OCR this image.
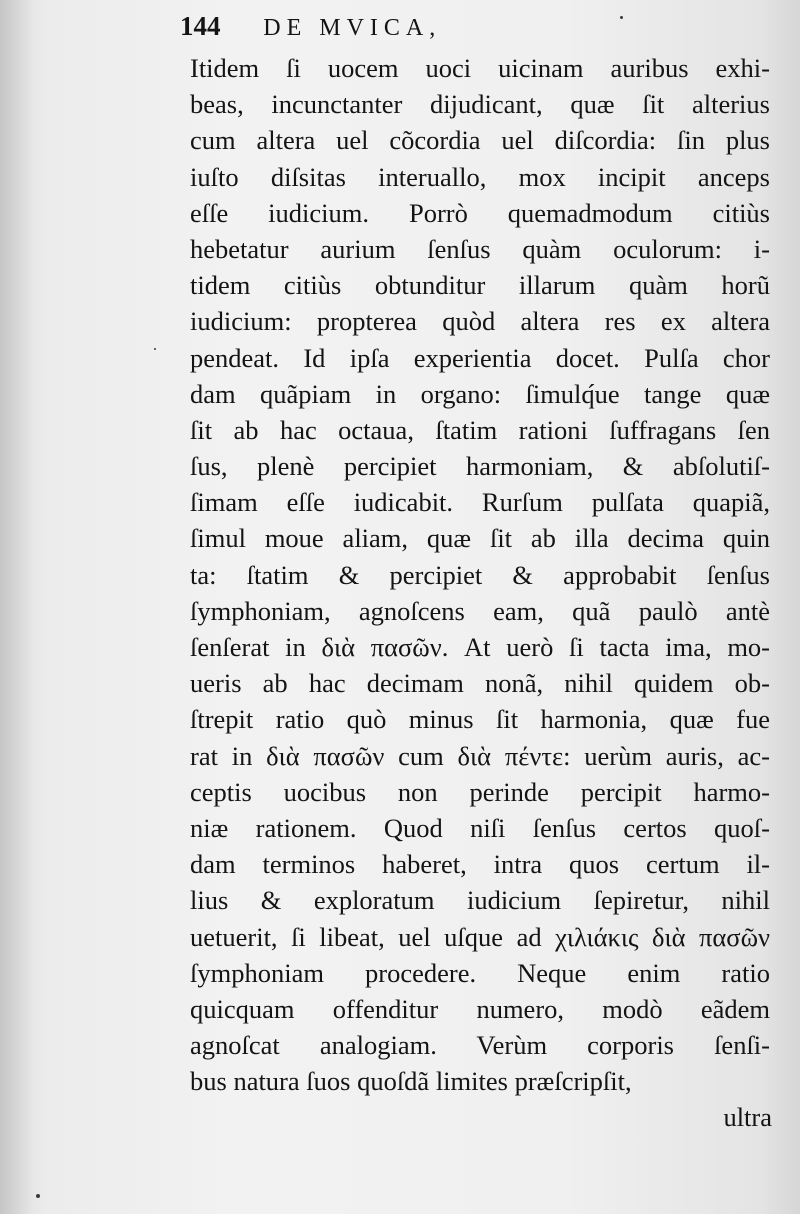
144 DE MVICA,
Itidem ſi uocem uoci uicinam auribus exhi-
beas, incunctanter dijudicant, quæ ſit alterius
cum altera uel cõcordia uel diſcordia: ſin plus
iuſto diſsitas interuallo, mox incipit anceps
eſſe iudicium. Porrò quemadmodum citiùs
hebetatur aurium ſenſus quàm oculorum: i-
tidem citiùs obtunditur illarum quàm horũ
iudicium: propterea quòd altera res ex altera
pendeat. Id ipſa experientia docet. Pulſa chor
dam quãpiam in organo: ſimulq́ue tange quæ
ſit ab hac octaua, ſtatim rationi ſuffragans ſen
ſus, plenè percipiet harmoniam, & abſolutiſ-
ſimam eſſe iudicabit. Rurſum pulſata quapiã,
ſimul moue aliam, quæ ſit ab illa decima quin
ta: ſtatim & percipiet & approbabit ſenſus
ſymphoniam, agnoſcens eam, quã paulò antè
ſenſerat in διὰ πασῶν. At uerò ſi tacta ima, mo-
ueris ab hac decimam nonã, nihil quidem ob-
ſtrepit ratio quò minus ſit harmonia, quæ fue
rat in διὰ πασῶν cum διὰ πέντε: uerùm auris, ac-
ceptis uocibus non perinde percipit harmo-
niæ rationem. Quod niſi ſenſus certos quoſ-
dam terminos haberet, intra quos certum il-
lius & exploratum iudicium ſepiretur, nihil
uetuerit, ſi libeat, uel uſque ad χιλιάκις διὰ πασῶν
ſymphoniam procedere. Neque enim ratio
quicquam offenditur numero, modò eãdem
agnoſcat analogiam. Verùm corporis ſenſi-
bus natura ſuos quoſdã limites præſcripſit,
ultra
